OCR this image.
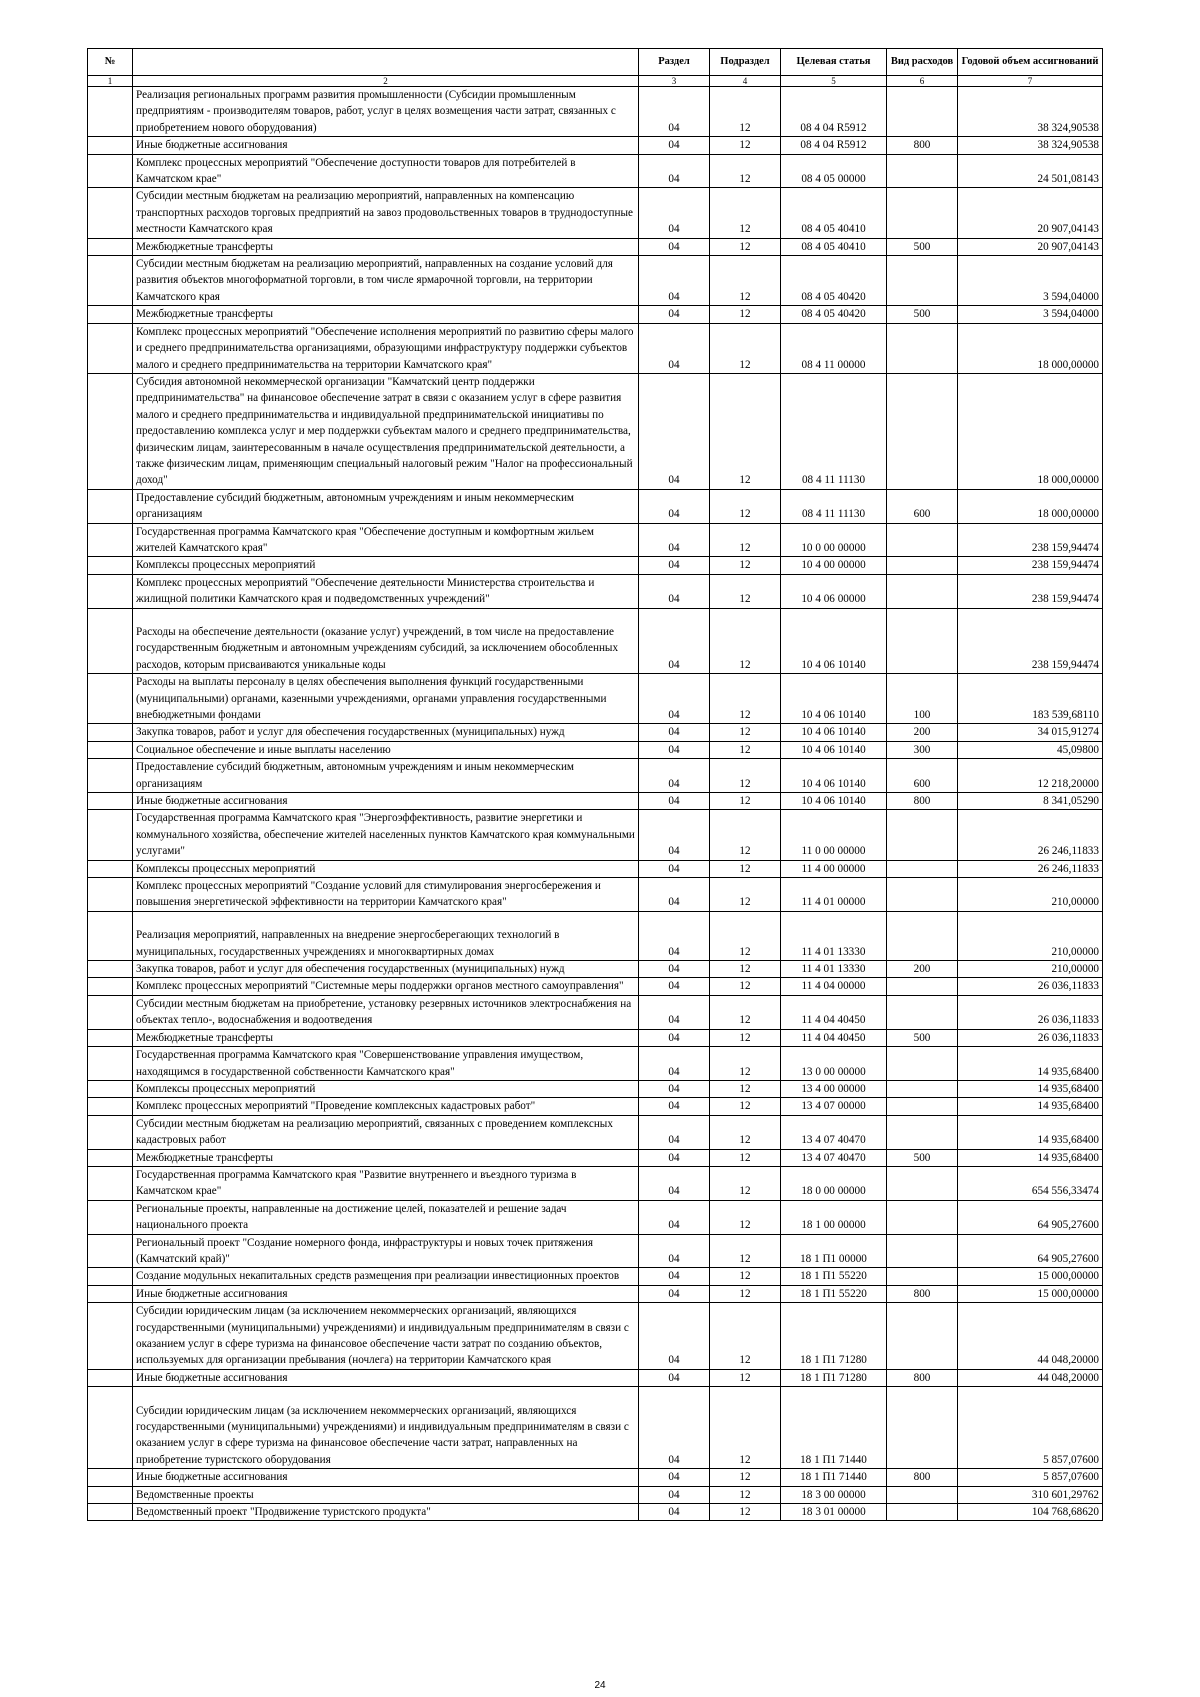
№		Раздел	Подраздел	Целевая статья	Вид расходов	Годовой объем ассигнований
1	2	3	4	5	6	7
	Реализация региональных программ развития промышленности (Субсидии промышленным предприятиям - производителям товаров, работ, услуг в целях возмещения части затрат, связанных с приобретением нового оборудования)	04	12	08 4 04 R5912		38 324,90538
	Иные бюджетные ассигнования	04	12	08 4 04 R5912	800	38 324,90538
	Комплекс процессных мероприятий "Обеспечение доступности товаров для потребителей в Камчатском крае"	04	12	08 4 05 00000		24 501,08143
	Субсидии местным бюджетам на реализацию мероприятий, направленных на компенсацию транспортных расходов торговых предприятий на завоз продовольственных товаров в труднодоступные местности Камчатского края	04	12	08 4 05 40410		20 907,04143
	Межбюджетные трансферты	04	12	08 4 05 40410	500	20 907,04143
	Субсидии местным бюджетам на реализацию мероприятий, направленных на создание условий для развития объектов многоформатной торговли, в том числе ярмарочной торговли, на территории Камчатского края	04	12	08 4 05 40420		3 594,04000
	Межбюджетные трансферты	04	12	08 4 05 40420	500	3 594,04000
	Комплекс процессных мероприятий "Обеспечение исполнения мероприятий по развитию сферы малого и среднего предпринимательства организациями, образующими инфраструктуру поддержки субъектов малого и среднего предпринимательства на территории Камчатского края"	04	12	08 4 11 00000		18 000,00000
	Субсидия автономной некоммерческой организации "Камчатский центр поддержки предпринимательства" на финансовое обеспечение затрат в связи с оказанием услуг в сфере развития малого и среднего предпринимательства и индивидуальной предпринимательской инициативы по предоставлению комплекса услуг и мер поддержки субъектам малого и среднего предпринимательства, физическим лицам, заинтересованным в начале осуществления предпринимательской деятельности, а также физическим лицам, применяющим специальный налоговый режим "Налог на профессиональный доход"	04	12	08 4 11 11130		18 000,00000
	Предоставление субсидий бюджетным, автономным учреждениям и иным некоммерческим организациям	04	12	08 4 11 11130	600	18 000,00000
	Государственная программа Камчатского края "Обеспечение доступным и комфортным жильем жителей Камчатского края"	04	12	10 0 00 00000		238 159,94474
	Комплексы процессных мероприятий	04	12	10 4 00 00000		238 159,94474
	Комплекс процессных мероприятий "Обеспечение деятельности Министерства строительства и жилищной политики Камчатского края и подведомственных учреждений"	04	12	10 4 06 00000		238 159,94474
	Расходы на обеспечение деятельности (оказание услуг) учреждений, в том числе на предоставление государственным бюджетным и автономным учреждениям субсидий, за исключением обособленных расходов, которым присваиваются уникальные коды	04	12	10 4 06 10140		238 159,94474
	Расходы на выплаты персоналу в целях обеспечения выполнения функций государственными (муниципальными) органами, казенными учреждениями, органами управления государственными внебюджетными фондами	04	12	10 4 06 10140	100	183 539,68110
	Закупка товаров, работ и услуг для обеспечения государственных (муниципальных) нужд	04	12	10 4 06 10140	200	34 015,91274
	Социальное обеспечение и иные выплаты населению	04	12	10 4 06 10140	300	45,09800
	Предоставление субсидий бюджетным, автономным учреждениям и иным некоммерческим организациям	04	12	10 4 06 10140	600	12 218,20000
	Иные бюджетные ассигнования	04	12	10 4 06 10140	800	8 341,05290
	Государственная программа Камчатского края "Энергоэффективность, развитие энергетики и коммунального хозяйства, обеспечение жителей населенных пунктов Камчатского края коммунальными услугами"	04	12	11 0 00 00000		26 246,11833
	Комплексы процессных мероприятий	04	12	11 4 00 00000		26 246,11833
	Комплекс процессных мероприятий "Создание условий для стимулирования энергосбережения и повышения энергетической эффективности на территории Камчатского края"	04	12	11 4 01 00000		210,00000
	Реализация мероприятий, направленных на внедрение энергосберегающих технологий в муниципальных, государственных учреждениях и многоквартирных домах	04	12	11 4 01 13330		210,00000
	Закупка товаров, работ и услуг для обеспечения государственных (муниципальных) нужд	04	12	11 4 01 13330	200	210,00000
	Комплекс процессных мероприятий "Системные меры поддержки органов местного самоуправления"	04	12	11 4 04 00000		26 036,11833
	Субсидии местным бюджетам на приобретение, установку резервных источников электроснабжения на объектах тепло-, водоснабжения и водоотведения	04	12	11 4 04 40450		26 036,11833
	Межбюджетные трансферты	04	12	11 4 04 40450	500	26 036,11833
	Государственная программа Камчатского края "Совершенствование управления имуществом, находящимся в государственной собственности Камчатского края"	04	12	13 0 00 00000		14 935,68400
	Комплексы процессных мероприятий	04	12	13 4 00 00000		14 935,68400
	Комплекс процессных мероприятий "Проведение комплексных кадастровых работ"	04	12	13 4 07 00000		14 935,68400
	Субсидии местным бюджетам на реализацию мероприятий, связанных с проведением комплексных кадастровых работ	04	12	13 4 07 40470		14 935,68400
	Межбюджетные трансферты	04	12	13 4 07 40470	500	14 935,68400
	Государственная программа Камчатского края "Развитие внутреннего и въездного туризма в Камчатском крае"	04	12	18 0 00 00000		654 556,33474
	Региональные проекты, направленные на достижение целей, показателей и решение задач национального проекта	04	12	18 1 00 00000		64 905,27600
	Региональный проект "Создание номерного фонда, инфраструктуры и новых точек притяжения (Камчатский край)"	04	12	18 1 П1 00000		64 905,27600
	Создание модульных некапитальных средств размещения при реализации инвестиционных проектов	04	12	18 1 П1 55220		15 000,00000
	Иные бюджетные ассигнования	04	12	18 1 П1 55220	800	15 000,00000
	Субсидии юридическим лицам (за исключением некоммерческих организаций, являющихся государственными (муниципальными) учреждениями) и индивидуальным предпринимателям в связи с оказанием услуг в сфере туризма на финансовое обеспечение части затрат по созданию объектов, используемых для организации пребывания (ночлега) на территории Камчатского края	04	12	18 1 П1 71280		44 048,20000
	Иные бюджетные ассигнования	04	12	18 1 П1 71280	800	44 048,20000
	Субсидии юридическим лицам (за исключением некоммерческих организаций, являющихся государственными (муниципальными) учреждениями) и индивидуальным предпринимателям в связи с оказанием услуг в сфере туризма на финансовое обеспечение части затрат, направленных на приобретение туристского оборудования	04	12	18 1 П1 71440		5 857,07600
	Иные бюджетные ассигнования	04	12	18 1 П1 71440	800	5 857,07600
	Ведомственные проекты	04	12	18 3 00 00000		310 601,29762
	Ведомственный проект "Продвижение туристского продукта"	04	12	18 3 01 00000		104 768,68620
24
